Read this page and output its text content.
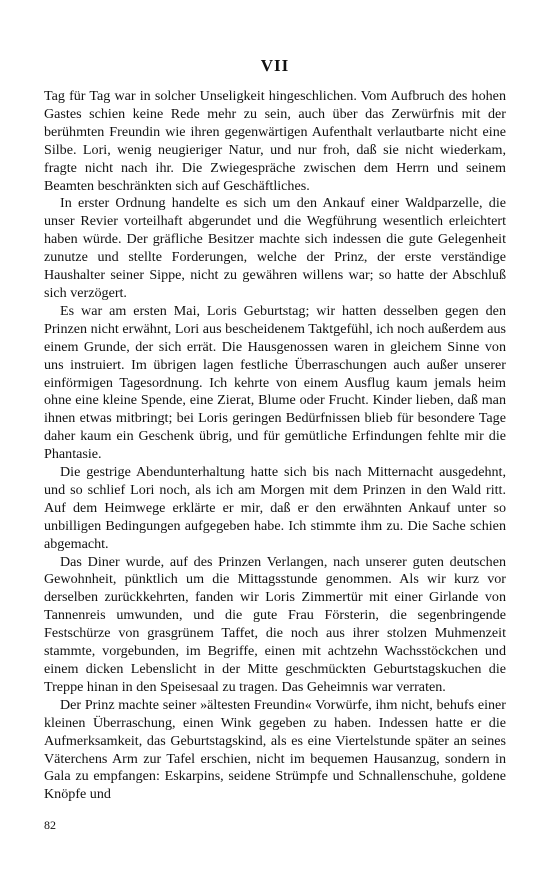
VII

Tag für Tag war in solcher Unseligkeit hingeschlichen. Vom Aufbruch des hohen Gastes schien keine Rede mehr zu sein, auch über das Zerwürfnis mit der berühmten Freundin wie ihren gegenwärtigen Aufenthalt verlautbarte nicht eine Silbe. Lori, wenig neugieriger Natur, und nur froh, daß sie nicht wiederkam, fragte nicht nach ihr. Die Zwiegespräche zwischen dem Herrn und seinem Beamten beschränkten sich auf Geschäftliches.

In erster Ordnung handelte es sich um den Ankauf einer Waldparzelle, die unser Revier vorteilhaft abgerundet und die Wegführung wesentlich erleichtert haben würde. Der gräfliche Besitzer machte sich indessen die gute Gelegenheit zunutze und stellte Forderungen, welche der Prinz, der erste verständige Haushalter seiner Sippe, nicht zu gewähren willens war; so hatte der Abschluß sich verzögert.

Es war am ersten Mai, Loris Geburtstag; wir hatten desselben gegen den Prinzen nicht erwähnt, Lori aus bescheidenem Taktgefühl, ich noch außerdem aus einem Grunde, der sich errät. Die Hausgenossen waren in gleichem Sinne von uns instruiert. Im übrigen lagen festliche Überraschungen auch außer unserer einförmigen Tagesordnung. Ich kehrte von einem Ausflug kaum jemals heim ohne eine kleine Spende, eine Zierat, Blume oder Frucht. Kinder lieben, daß man ihnen etwas mitbringt; bei Loris geringen Bedürfnissen blieb für besondere Tage daher kaum ein Geschenk übrig, und für gemütliche Erfindungen fehlte mir die Phantasie.

Die gestrige Abendunterhaltung hatte sich bis nach Mitternacht ausgedehnt, und so schlief Lori noch, als ich am Morgen mit dem Prinzen in den Wald ritt. Auf dem Heimwege erklärte er mir, daß er den erwähnten Ankauf unter so unbilligen Bedingungen aufgegeben habe. Ich stimmte ihm zu. Die Sache schien abgemacht.

Das Diner wurde, auf des Prinzen Verlangen, nach unserer guten deutschen Gewohnheit, pünktlich um die Mittagsstunde genommen. Als wir kurz vor derselben zurückkehrten, fanden wir Loris Zimmertür mit einer Girlande von Tannenreis umwunden, und die gute Frau Försterin, die segenbringende Festschürze von grasgrünem Taffet, die noch aus ihrer stolzen Muhmenzeit stammte, vorgebunden, im Begriffe, einen mit achtzehn Wachsstöckchen und einem dicken Lebenslicht in der Mitte geschmückten Geburtstagskuchen die Treppe hinan in den Speisesaal zu tragen. Das Geheimnis war verraten.

Der Prinz machte seiner »ältesten Freundin« Vorwürfe, ihm nicht, behufs einer kleinen Überraschung, einen Wink gegeben zu haben. Indessen hatte er die Aufmerksamkeit, das Geburtstagskind, als es eine Viertelstunde später an seines Väterchens Arm zur Tafel erschien, nicht im bequemen Hausanzug, sondern in Gala zu empfangen: Eskarpins, seidene Strümpfe und Schnallenschuhe, goldene Knöpfe und

82
